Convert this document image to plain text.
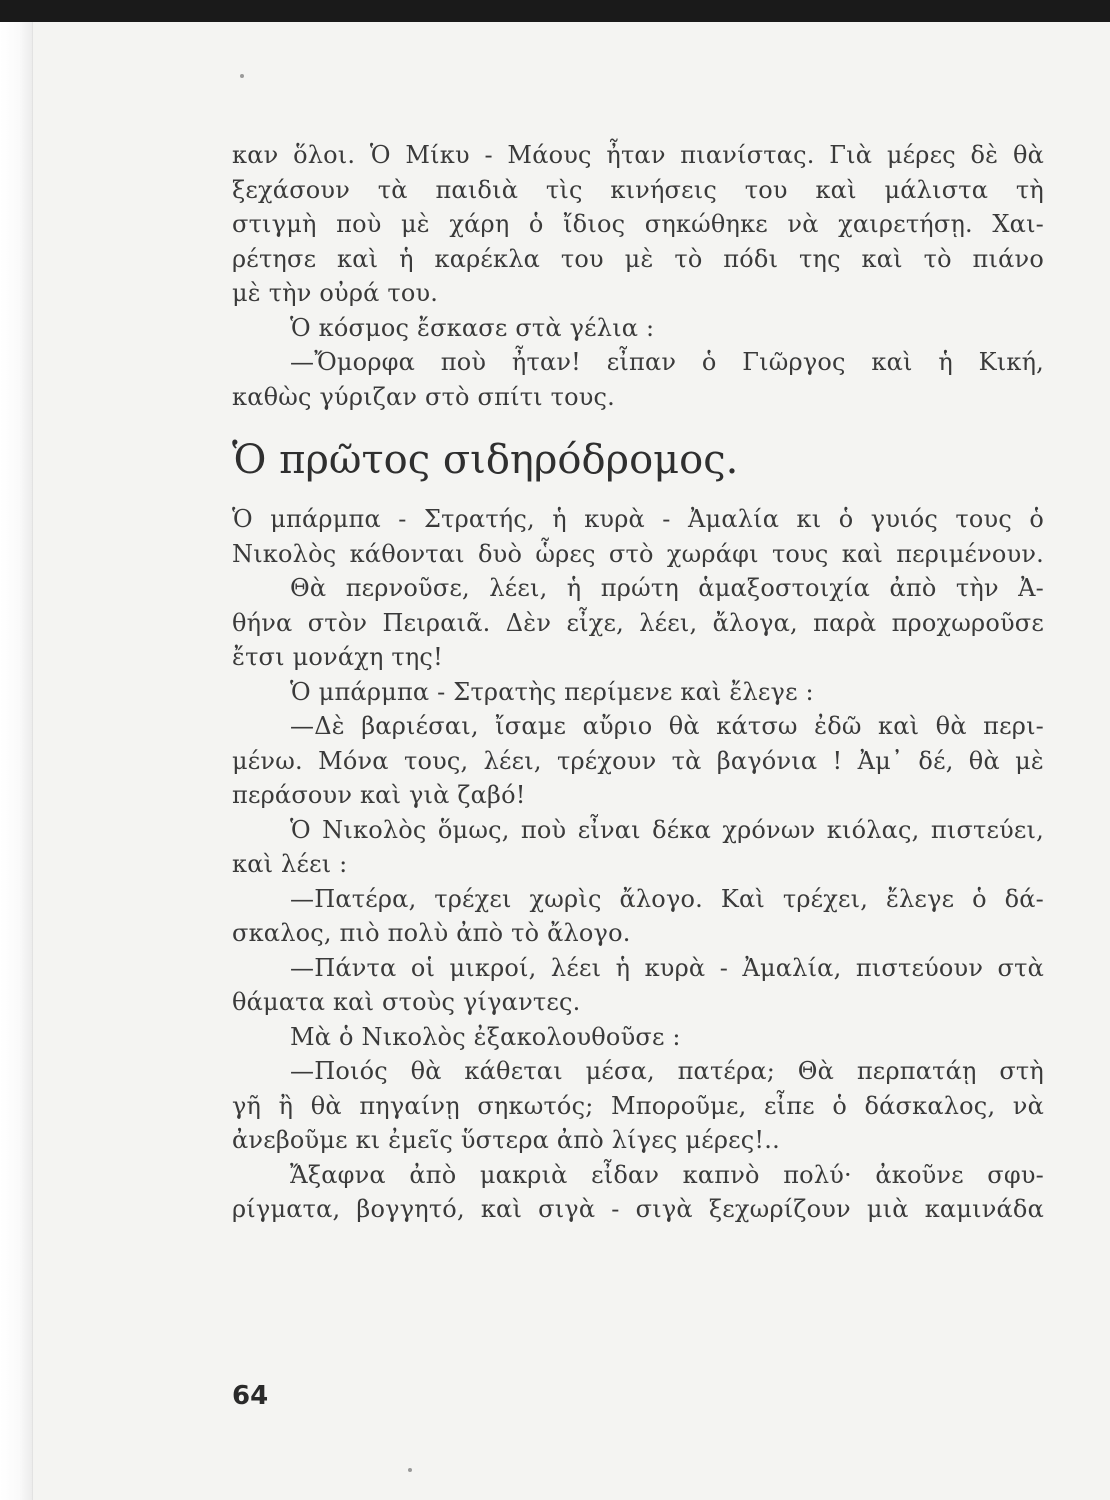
καν ὅλοι. Ὁ Μίκυ - Μάους ἦταν πιανίστας. Γιὰ μέρες δὲ θὰ
ξεχάσουν τὰ παιδιὰ τὶς κινήσεις του καὶ μάλιστα τὴ
στιγμὴ ποὺ μὲ χάρη ὁ ἴδιος σηκώθηκε νὰ χαιρετήσῃ. Χαι-
ρέτησε καὶ ἡ καρέκλα του μὲ τὸ πόδι της καὶ τὸ πιάνο
μὲ τὴν οὐρά του.
Ὁ κόσμος ἔσκασε στὰ γέλια :
—Ὄμορφα ποὺ ἦταν! εἶπαν ὁ Γιῶργος καὶ ἡ Κική,
καθὼς γύριζαν στὸ σπίτι τους.
Ὁ πρῶτος σιδηρόδρομος.
Ὁ μπάρμπα - Στρατής, ἡ κυρὰ - Ἀμαλία κι ὁ γυιός τους ὁ
Νικολὸς κάθονται δυὸ ὧρες στὸ χωράφι τους καὶ περιμένουν.
Θὰ περνοῦσε, λέει, ἡ πρώτη ἁμαξοστοιχία ἀπὸ τὴν Ἀ-
θήνα στὸν Πειραιᾶ. Δὲν εἶχε, λέει, ἄλογα, παρὰ προχωροῦσε
ἔτσι μονάχη της!
Ὁ μπάρμπα - Στρατὴς περίμενε καὶ ἔλεγε :
—Δὲ βαριέσαι, ἴσαμε αὔριο θὰ κάτσω ἐδῶ καὶ θὰ περι-
μένω. Μόνα τους, λέει, τρέχουν τὰ βαγόνια ! Ἀμ᾿ δέ, θὰ μὲ
περάσουν καὶ γιὰ ζαβό!
Ὁ Νικολὸς ὅμως, ποὺ εἶναι δέκα χρόνων κιόλας, πιστεύει,
καὶ λέει :
—Πατέρα, τρέχει χωρὶς ἄλογο. Καὶ τρέχει, ἔλεγε ὁ δά-
σκαλος, πιὸ πολὺ ἀπὸ τὸ ἄλογο.
—Πάντα οἱ μικροί, λέει ἡ κυρὰ - Ἀμαλία, πιστεύουν στὰ
θάματα καὶ στοὺς γίγαντες.
Μὰ ὁ Νικολὸς ἐξακολουθοῦσε :
—Ποιός θὰ κάθεται μέσα, πατέρα; Θὰ περπατάῃ στὴ
γῆ ἢ θὰ πηγαίνῃ σηκωτός; Μποροῦμε, εἶπε ὁ δάσκαλος, νὰ
ἀνεβοῦμε κι ἐμεῖς ὕστερα ἀπὸ λίγες μέρες!..
Ἄξαφνα ἀπὸ μακριὰ εἶδαν καπνὸ πολύ· ἀκοῦνε σφυ-
ρίγματα, βογγητό, καὶ σιγὰ - σιγὰ ξεχωρίζουν μιὰ καμινάδα
64
